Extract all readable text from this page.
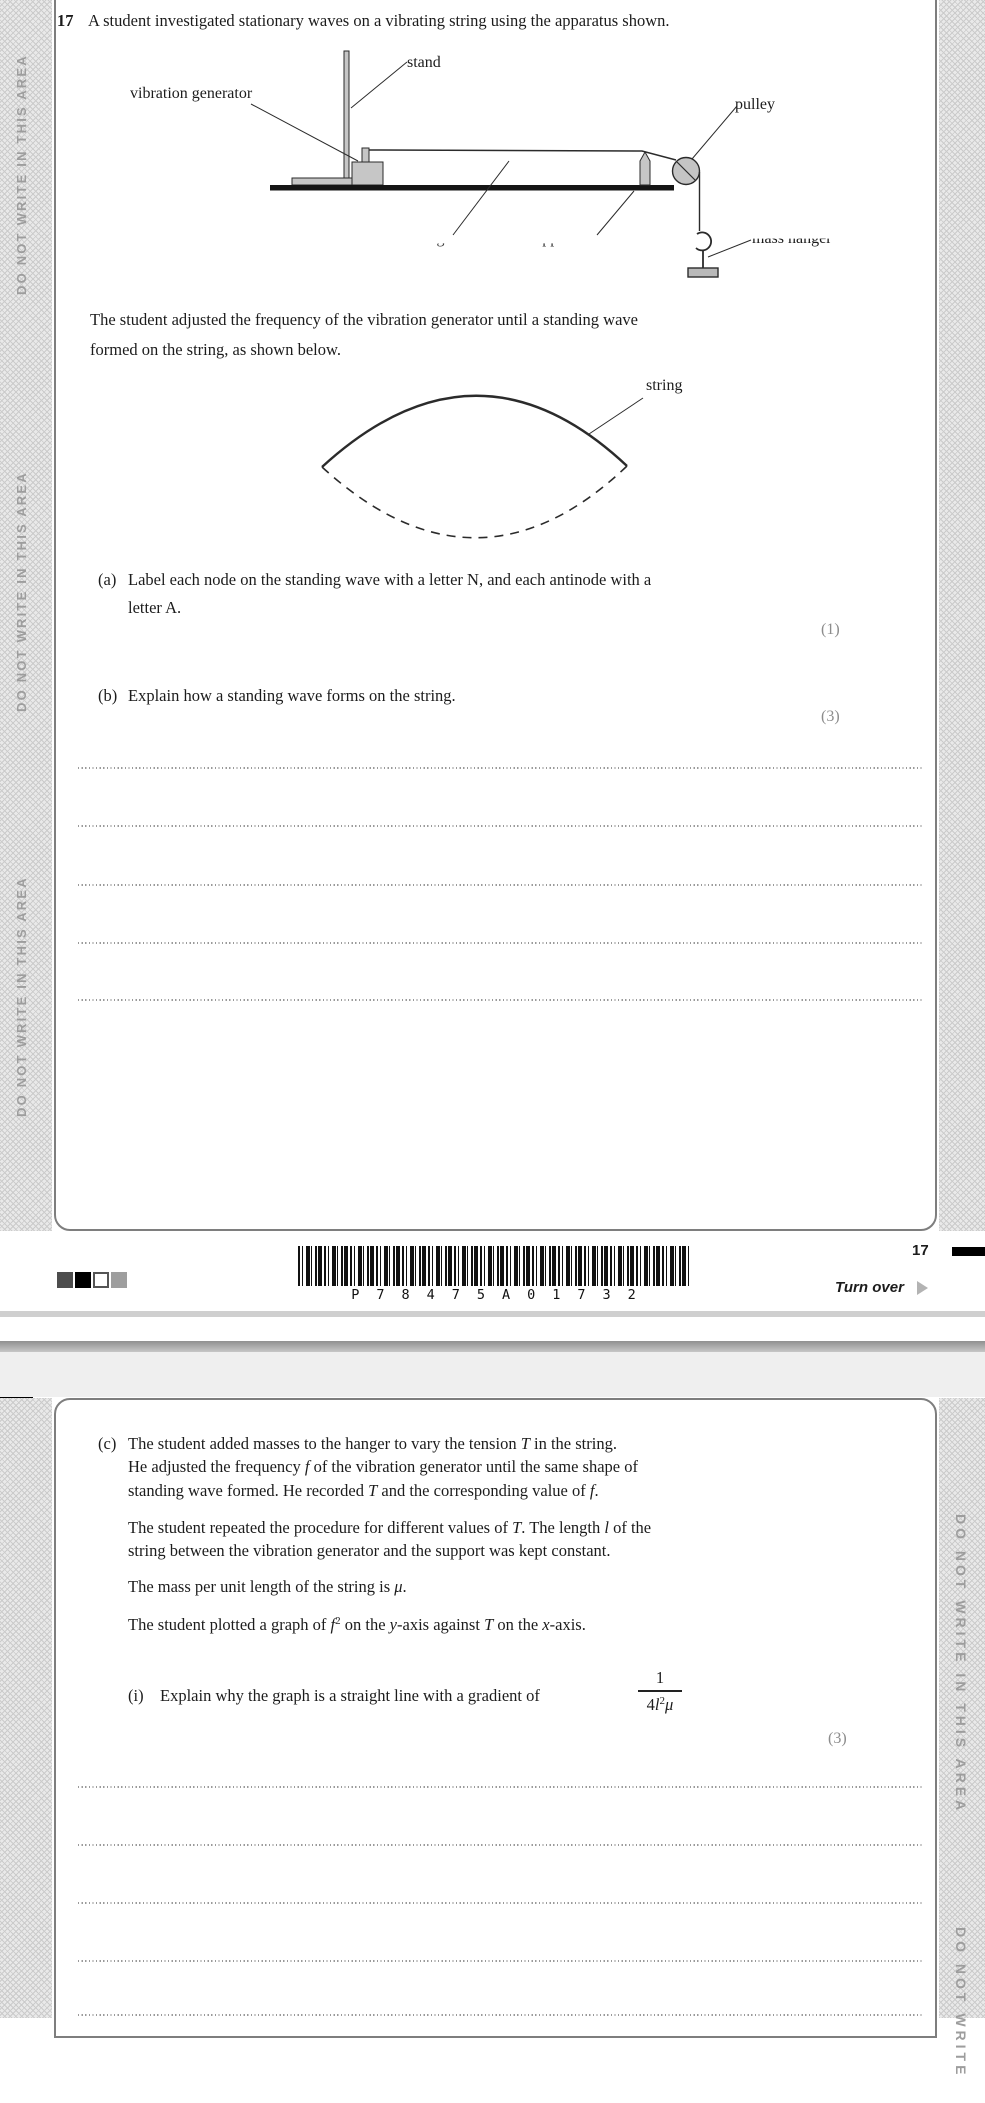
DO NOT WRITE IN THIS AREA
DO NOT WRITE IN THIS AREA
DO NOT WRITE IN THIS AREA
17 A student investigated stationary waves on a vibrating string using the apparatus shown.
stand
vibration generator
pulley
The student adjusted the frequency of the vibration generator until a standing wave
formed on the string, as shown below.
string
(a) Label each node on the standing wave with a letter N, and each antinode with a
letter A.
(1)
(b) Explain how a standing wave forms on the string.
(3)
P78475A01732
17
Turn over
DO NOT WRITE IN THIS AREA
DO NOT WRITE
(c) The student added masses to the hanger to vary the tension T in the string.
He adjusted the frequency f of the vibration generator until the same shape of
standing wave formed. He recorded T and the corresponding value of f.
The student repeated the procedure for different values of T. The length l of the
string between the vibration generator and the support was kept constant.
The mass per unit length of the string is μ.
The student plotted a graph of $f^2$ on the y-axis against T on the x-axis.
(i) Explain why the graph is a straight line with a gradient of
1
$4l^2\mu$
(3)
